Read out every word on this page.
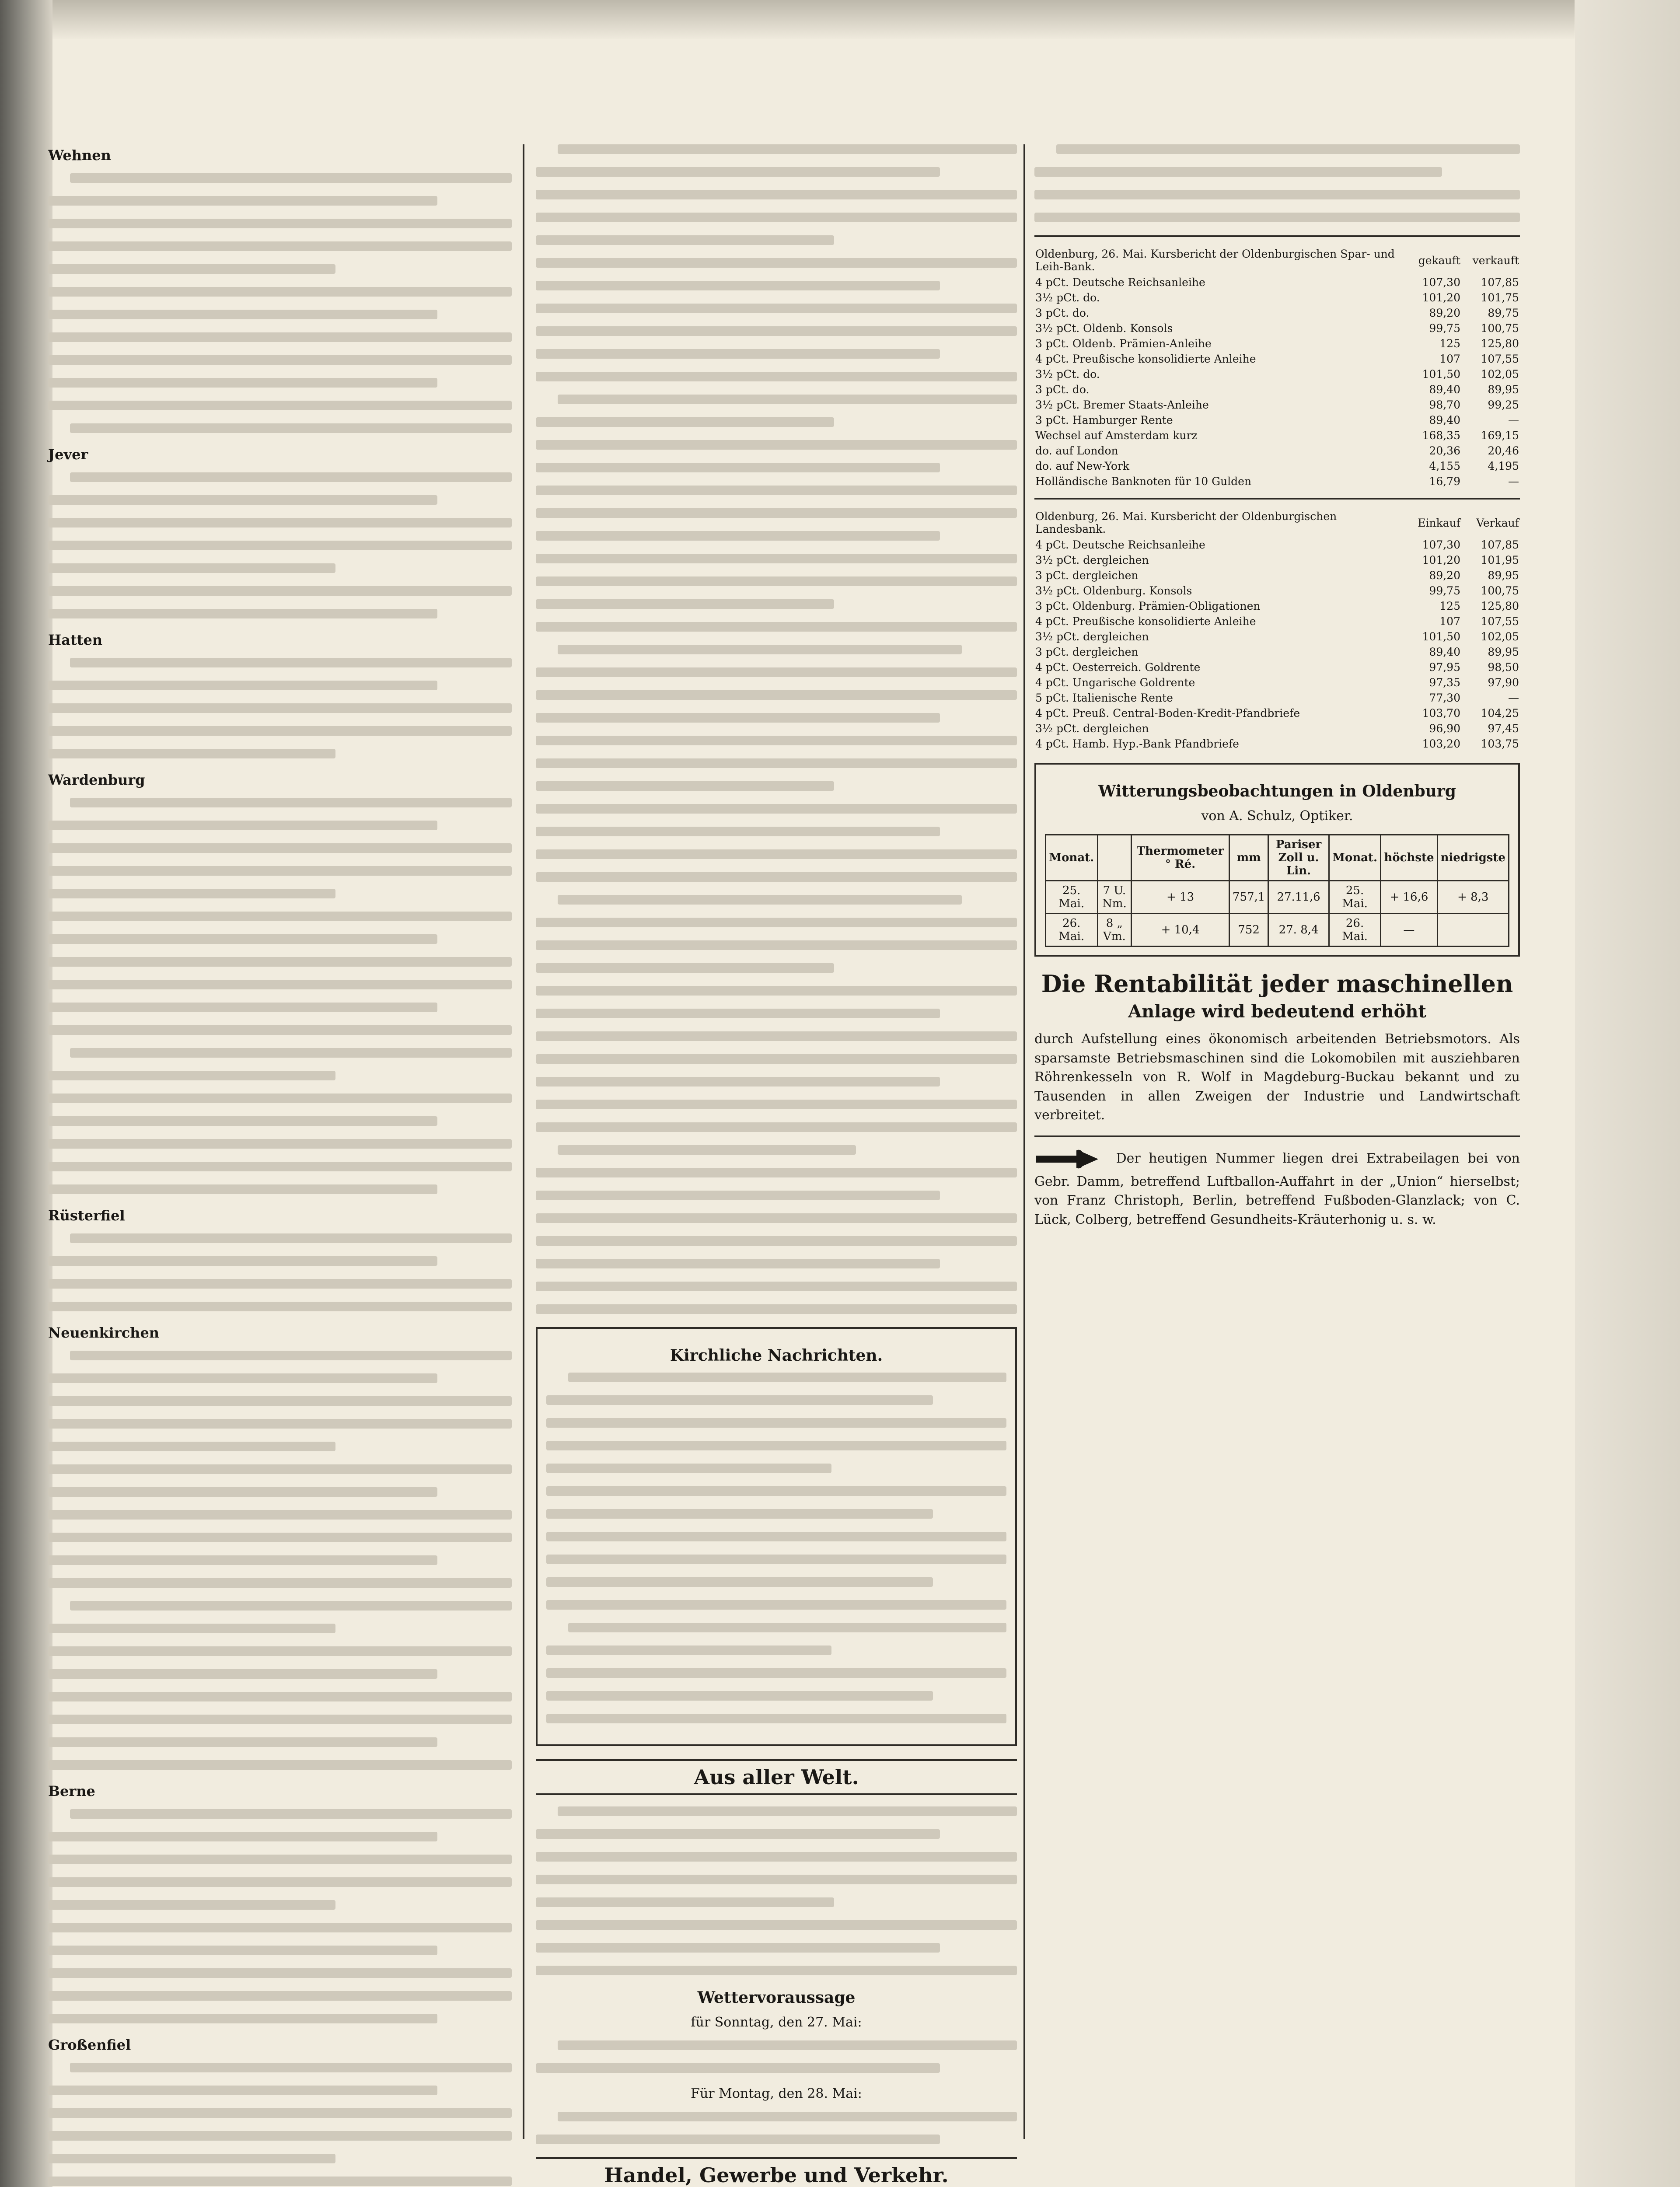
Wehnen
Jever
Hatten
Wardenburg
Rüsterfiel
Neuenkirchen
Berne
Großenfiel
Kirchliche Nachrichten.
Aus aller Welt.
Wettervoraussage
für Sonntag, den 27. Mai:
Für Montag, den 28. Mai:
Handel, Gewerbe und Verkehr.
Oldenburg, 26. Mai. Kursbericht der Oldenburgischen Spar- und Leih-Bank.	gekauft	verkauft
4 pCt. Deutsche Reichsanleihe	107,30	107,85
3½ pCt. do.	101,20	101,75
3 pCt. do.	89,20	89,75
3½ pCt. Oldenb. Konsols	99,75	100,75
3 pCt. Oldenb. Prämien-Anleihe	125	125,80
4 pCt. Preußische konsolidierte Anleihe	107	107,55
3½ pCt. do.	101,50	102,05
3 pCt. do.	89,40	89,95
3½ pCt. Bremer Staats-Anleihe	98,70	99,25
3 pCt. Hamburger Rente	89,40	—
Wechsel auf Amsterdam kurz	168,35	169,15
do. auf London	20,36	20,46
do. auf New-York	4,155	4,195
Holländische Banknoten für 10 Gulden	16,79	—
Oldenburg, 26. Mai. Kursbericht der Oldenburgischen Landesbank.	Einkauf	Verkauf
4 pCt. Deutsche Reichsanleihe	107,30	107,85
3½ pCt. dergleichen	101,20	101,95
3 pCt. dergleichen	89,20	89,95
3½ pCt. Oldenburg. Konsols	99,75	100,75
3 pCt. Oldenburg. Prämien-Obligationen	125	125,80
4 pCt. Preußische konsolidierte Anleihe	107	107,55
3½ pCt. dergleichen	101,50	102,05
3 pCt. dergleichen	89,40	89,95
4 pCt. Oesterreich. Goldrente	97,95	98,50
4 pCt. Ungarische Goldrente	97,35	97,90
5 pCt. Italienische Rente	77,30	—
4 pCt. Preuß. Central-Boden-Kredit-Pfandbriefe	103,70	104,25
3½ pCt. dergleichen	96,90	97,45
4 pCt. Hamb. Hyp.-Bank Pfandbriefe	103,20	103,75
Witterungsbeobachtungen in Oldenburg
von A. Schulz, Optiker.
Monat.		Thermometer ° Ré.	mm	Pariser Zoll u. Lin.	Monat.	höchste	niedrigste
25. Mai.	7 U. Nm.	+ 13	757,1	27.11,6	25. Mai.	+ 16,6	+ 8,3
26. Mai.	8 „ Vm.	+ 10,4	752	27. 8,4	26. Mai.	—	
Die Rentabilität jeder maschinellen
Anlage wird bedeutend erhöht
durch Aufstellung eines ökonomisch arbeitenden Betriebsmotors. Als sparsamste Betriebsmaschinen sind die Lokomobilen mit ausziehbaren Röhrenkesseln von R. Wolf in Magdeburg-Buckau bekannt und zu Tausenden in allen Zweigen der Industrie und Landwirtschaft verbreitet.
Der heutigen Nummer liegen drei Extrabeilagen bei von Gebr. Damm, betreffend Luftballon-Auffahrt in der „Union“ hierselbst; von Franz Christoph, Berlin, betreffend Fußboden-Glanzlack; von C. Lück, Colberg, betreffend Gesundheits-Kräuterhonig u. s. w.
